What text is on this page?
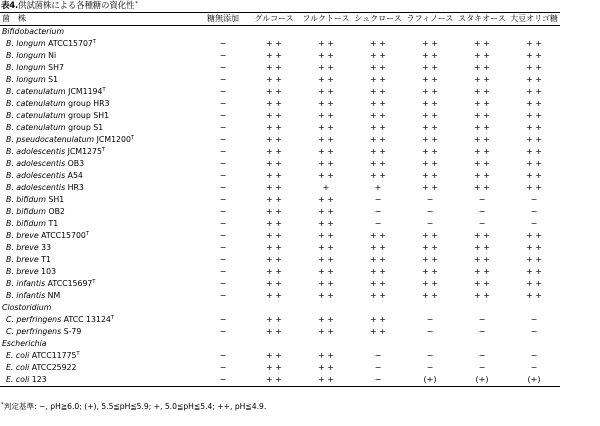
表4.供試菌株による各種糖の資化性*
菌　株	糖無添加	グルコース	フルクトース	シュクロース	ラフィノース	スタキオース	大豆オリゴ糖
Bifidobacterium							
B. longum $ATCC15707^T$	−	+ +	+ +	+ +	+ +	+ +	+ +
B. longum Ni	−	+ +	+ +	+ +	+ +	+ +	+ +
B. longum SH7	−	+ +	+ +	+ +	+ +	+ +	+ +
B. longum S1	−	+ +	+ +	+ +	+ +	+ +	+ +
B. catenulatum $JCM1194^T$	−	+ +	+ +	+ +	+ +	+ +	+ +
B. catenulatum group HR3	−	+ +	+ +	+ +	+ +	+ +	+ +
B. catenulatum group SH1	−	+ +	+ +	+ +	+ +	+ +	+ +
B. catenulatum group S1	−	+ +	+ +	+ +	+ +	+ +	+ +
B. pseudocatenulatum $JCM1200^T$	−	+ +	+ +	+ +	+ +	+ +	+ +
B. adolescentis $JCM1275^T$	−	+ +	+ +	+ +	+ +	+ +	+ +
B. adolescentis OB3	−	+ +	+ +	+ +	+ +	+ +	+ +
B. adolescentis A54	−	+ +	+ +	+ +	+ +	+ +	+ +
B. adolescentis HR3	−	+ +	+	+	+ +	+ +	+ +
B. bifidum SH1	−	+ +	+ +	−	−	−	−
B. bifidum OB2	−	+ +	+ +	−	−	−	−
B. bifidum T1	−	+ +	+ +	−	−	−	−
B. breve $ATCC15700^T$	−	+ +	+ +	+ +	+ +	+ +	+ +
B. breve 33	−	+ +	+ +	+ +	+ +	+ +	+ +
B. breve T1	−	+ +	+ +	+ +	+ +	+ +	+ +
B. breve 103	−	+ +	+ +	+ +	+ +	+ +	+ +
B. infantis $ATCC15697^T$	−	+ +	+ +	+ +	+ +	+ +	+ +
B. infantis NM	−	+ +	+ +	+ +	+ +	+ +	+ +
Clostoridium							
C. perfringens ATCC $13124^T$	−	+ +	+ +	+ +	−	−	−
C. perfringens S-79	−	+ +	+ +	+ +	−	−	−
Escherichia							
E. coli $ATCC11775^T$	−	+ +	+ +	−	−	−	−
E. coli ATCC25922	−	+ +	+ +	−	−	−	−
E. coli 123	−	+ +	+ +	−	(+)	(+)	(+)
*判定基準: −, pH≧6.0; (+), 5.5≦pH≦5.9; +, 5.0≦pH≦5.4; ++, pH≦4.9.
